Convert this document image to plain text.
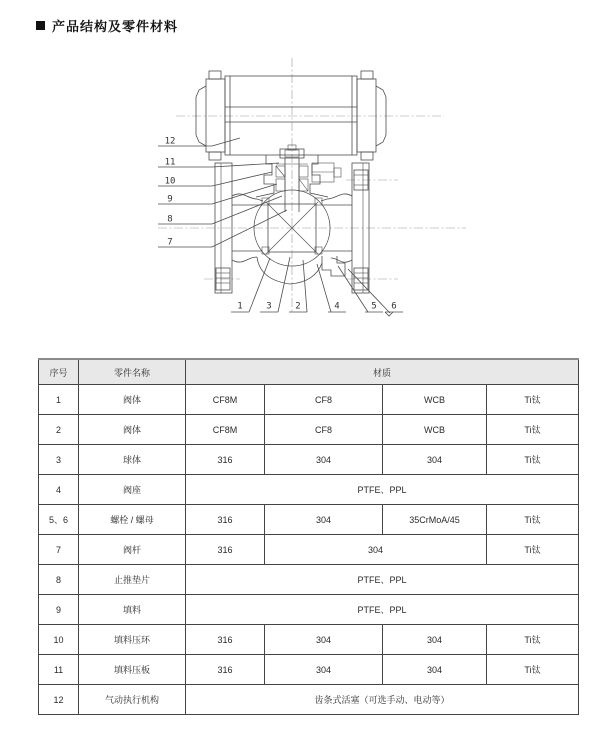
产品结构及零件材料
12
11
10
9
8
7
1	3	2	4	5 6
序号	零件名称	材质			
1	阀体	CF8M	CF8	WCB	Ti钛
2	阀体	CF8M	CF8	WCB	Ti钛
3	球体	316	304	304	Ti钛
4	阀座	PTFE、PPL			
5、6	螺栓 / 螺母	316	304	35CrMoA/45	Ti钛
7	阀杆	316	304		Ti钛
8	止推垫片	PTFE、PPL			
9	填料	PTFE、PPL			
10	填料压环	316	304	304	Ti钛
11	填料压板	316	304	304	Ti钛
12	气动执行机构	齿条式活塞（可选手动、电动等）			
